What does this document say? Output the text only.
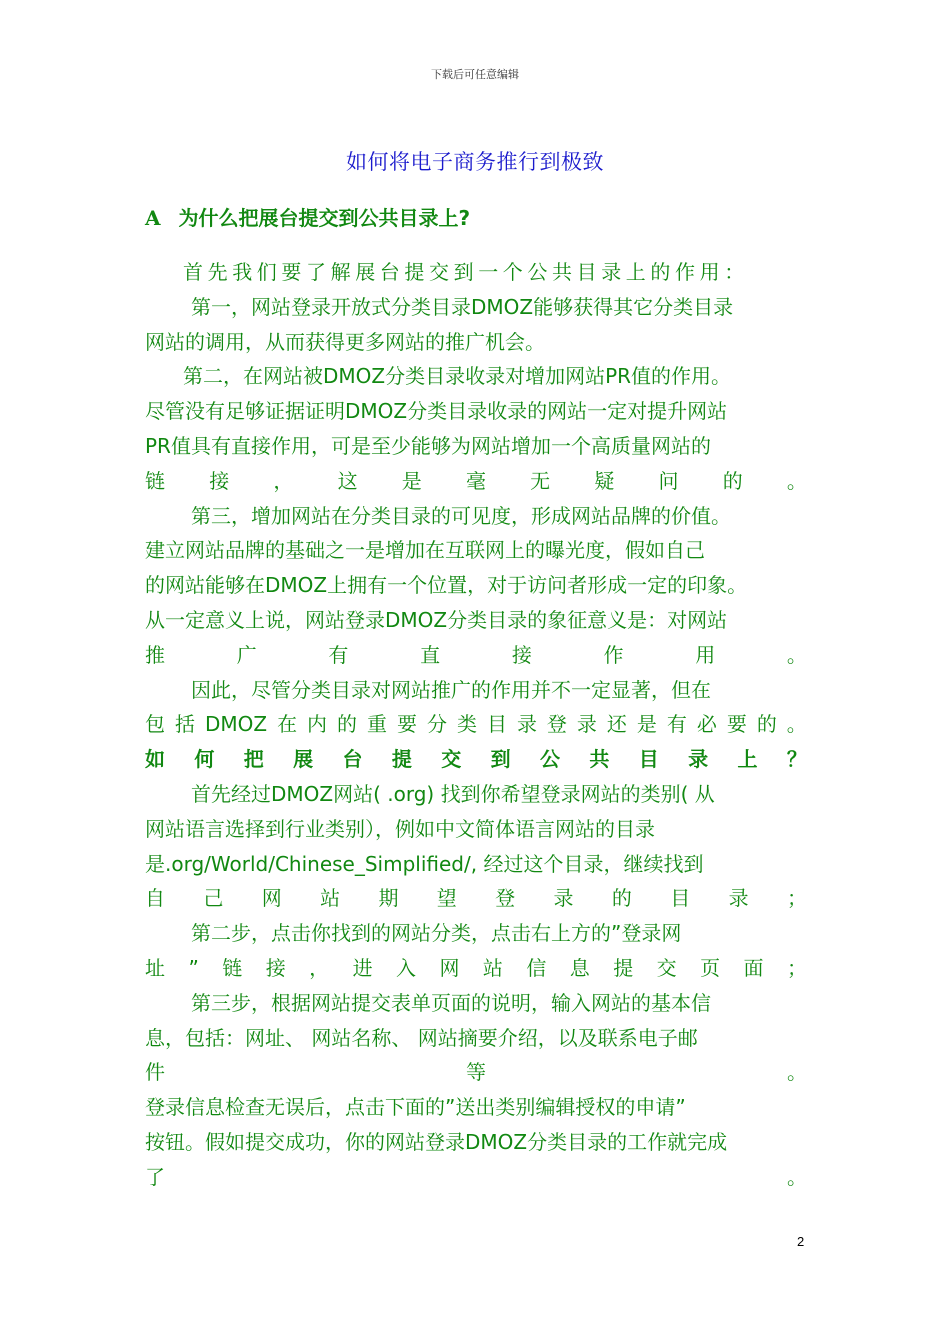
下载后可任意编辑
如何将电子商务推行到极致
A 为什么把展台提交到公共目录上?
首先我们要了解展台提交到一个公共目录上的作用：
第一，网站登录开放式分类目录DMOZ能够获得其它分类目录
网站的调用，从而获得更多网站的推广机会。
第二，在网站被DMOZ分类目录收录对增加网站PR值的作用。
尽管没有足够证据证明DMOZ分类目录收录的网站一定对提升网站
PR值具有直接作用，可是至少能够为网站增加一个高质量网站的
链 接 ， 这 是 毫 无 疑 问 的 。
第三，增加网站在分类目录的可见度，形成网站品牌的价值。
建立网站品牌的基础之一是增加在互联网上的曝光度，假如自己
的网站能够在DMOZ上拥有一个位置，对于访问者形成一定的印象。
从一定意义上说，网站登录DMOZ分类目录的象征意义是：对网站
推	广	有	直	接	作	用	。
因此，尽管分类目录对网站推广的作用并不一定显著，但在
包 括 DMOZ 在 内 的 重 要 分 类 目 录 登 录 还 是 有 必 要 的 。
如 何 把 展 台 提 交 到 公 共 目 录 上 ？
首先经过DMOZ网站( .org) 找到你希望登录网站的类别( 从
网站语言选择到行业类别），例如中文简体语言网站的目录
是.org/World/Chinese_Simplified/, 经过这个目录，继续找到
自 己 网 站 期 望 登 录 的 目 录 ；
第二步，点击你找到的网站分类，点击右上方的”登录网
址 ” 链 接 ， 进 入 网 站 信 息 提 交 页 面 ；
第三步，根据网站提交表单页面的说明，输入网站的基本信
息，包括：网址、 网站名称、 网站摘要介绍，以及联系电子邮
件	等	。
登录信息检查无误后，点击下面的”送出类别编辑授权的申请”
按钮。假如提交成功，你的网站登录DMOZ分类目录的工作就完成
了	。
2
